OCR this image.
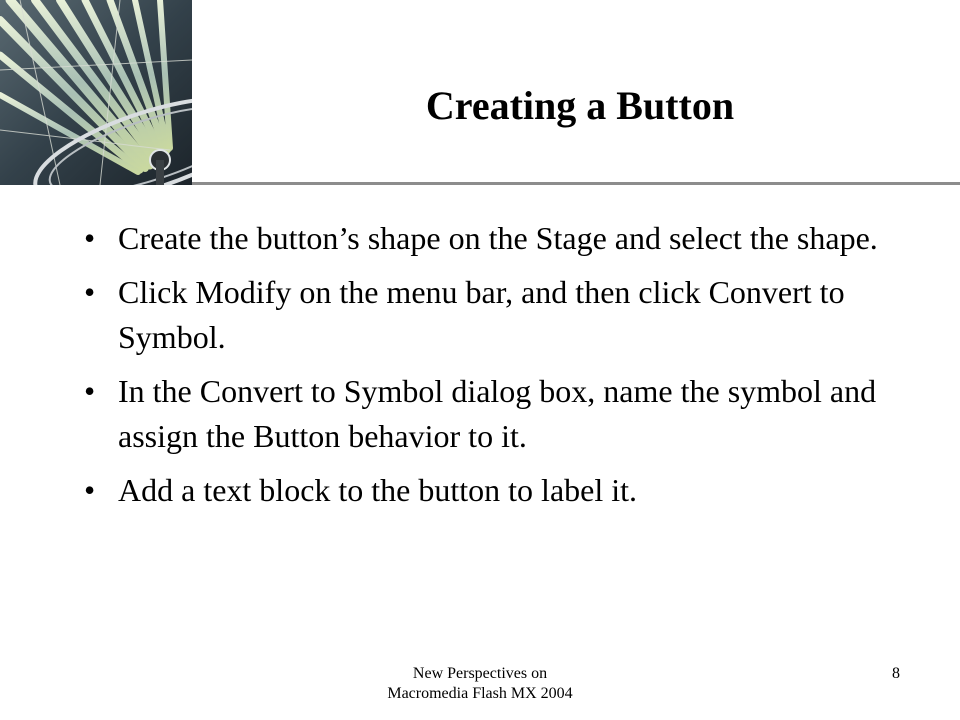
Creating a Button
• Create the button’s shape on the Stage and select the shape.
• Click Modify on the menu bar, and then click Convert to Symbol.
• In the Convert to Symbol dialog box, name the symbol and assign the Button behavior to it.
• Add a text block to the button to label it.
New Perspectives on
Macromedia Flash MX 2004
8
